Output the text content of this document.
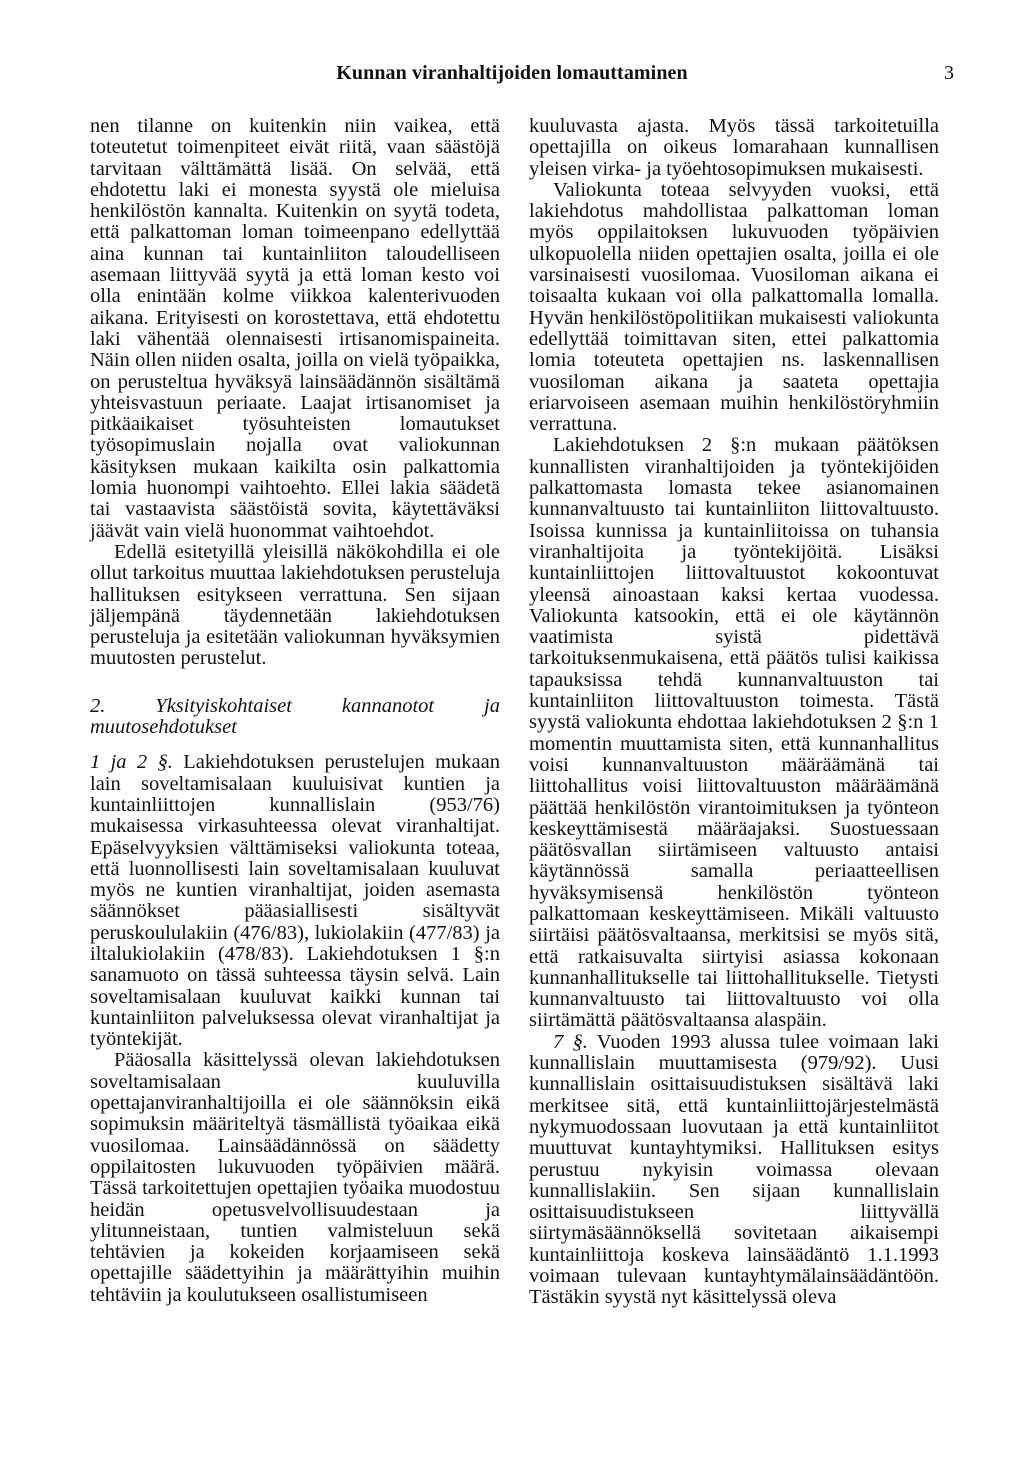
Kunnan viranhaltijoiden lomauttaminen	3

nen tilanne on kuitenkin niin vaikea, että toteutetut toimenpiteet eivät riitä, vaan säästöjä tarvitaan välttämättä lisää. On selvää, että ehdotettu laki ei monesta syystä ole mieluisa henkilöstön kannalta. Kuitenkin on syytä todeta, että palkattoman loman toimeenpano edellyttää aina kunnan tai kuntainliiton taloudelliseen asemaan liittyvää syytä ja että loman kesto voi olla enintään kolme viikkoa kalenterivuoden aikana. Erityisesti on korostettava, että ehdotettu laki vähentää olennaisesti irtisanomispaineita. Näin ollen niiden osalta, joilla on vielä työpaikka, on perusteltua hyväksyä lainsäädännön sisältämä yhteisvastuun periaate. Laajat irtisanomiset ja pitkäaikaiset työsuhteisten lomautukset työsopimuslain nojalla ovat valiokunnan käsityksen mukaan kaikilta osin palkattomia lomia huonompi vaihtoehto. Ellei lakia säädetä tai vastaavista säästöistä sovita, käytettäväksi jäävät vain vielä huonommat vaihtoehdot.

Edellä esitetyillä yleisillä näkökohdilla ei ole ollut tarkoitus muuttaa lakiehdotuksen perusteluja hallituksen esitykseen verrattuna. Sen sijaan jäljempänä täydennetään lakiehdotuksen perusteluja ja esitetään valiokunnan hyväksymien muutosten perustelut.

2. Yksityiskohtaiset kannanotot ja muutosehdotukset

1 ja 2 §. Lakiehdotuksen perustelujen mukaan lain soveltamisalaan kuuluisivat kuntien ja kuntainliittojen kunnallislain (953/76) mukaisessa virkasuhteessa olevat viranhaltijat. Epäselvyyksien välttämiseksi valiokunta toteaa, että luonnollisesti lain soveltamisalaan kuuluvat myös ne kuntien viranhaltijat, joiden asemasta säännökset pääasiallisesti sisältyvät peruskoululakiin (476/83), lukiolakiin (477/83) ja iltalukiolakiin (478/83). Lakiehdotuksen 1 §:n sanamuoto on tässä suhteessa täysin selvä. Lain soveltamisalaan kuuluvat kaikki kunnan tai kuntainliiton palveluksessa olevat viranhaltijat ja työntekijät.

Pääosalla käsittelyssä olevan lakiehdotuksen soveltamisalaan kuuluvilla opettajanviranhaltijoilla ei ole säännöksin eikä sopimuksin määriteltyä täsmällistä työaikaa eikä vuosilomaa. Lainsäädännössä on säädetty oppilaitosten lukuvuoden työpäivien määrä. Tässä tarkoitettujen opettajien työaika muodostuu heidän opetusvelvollisuudestaan ja ylitunneistaan, tuntien valmisteluun sekä tehtävien ja kokeiden korjaamiseen sekä opettajille säädettyihin ja määrättyihin muihin tehtäviin ja koulutukseen osallistumiseen

kuuluvasta ajasta. Myös tässä tarkoitetuilla opettajilla on oikeus lomarahaan kunnallisen yleisen virka- ja työehtosopimuksen mukaisesti.

Valiokunta toteaa selvyyden vuoksi, että lakiehdotus mahdollistaa palkattoman loman myös oppilaitoksen lukuvuoden työpäivien ulkopuolella niiden opettajien osalta, joilla ei ole varsinaisesti vuosilomaa. Vuosiloman aikana ei toisaalta kukaan voi olla palkattomalla lomalla. Hyvän henkilöstöpolitiikan mukaisesti valiokunta edellyttää toimittavan siten, ettei palkattomia lomia toteuteta opettajien ns. laskennallisen vuosiloman aikana ja saateta opettajia eriarvoiseen asemaan muihin henkilöstöryhmiin verrattuna.

Lakiehdotuksen 2 §:n mukaan päätöksen kunnallisten viranhaltijoiden ja työntekijöiden palkattomasta lomasta tekee asianomainen kunnanvaltuusto tai kuntainliiton liittovaltuusto. Isoissa kunnissa ja kuntainliitoissa on tuhansia viranhaltijoita ja työntekijöitä. Lisäksi kuntainliittojen liittovaltuustot kokoontuvat yleensä ainoastaan kaksi kertaa vuodessa. Valiokunta katsookin, että ei ole käytännön vaatimista syistä pidettävä tarkoituksenmukaisena, että päätös tulisi kaikissa tapauksissa tehdä kunnanvaltuuston tai kuntainliiton liittovaltuuston toimesta. Tästä syystä valiokunta ehdottaa lakiehdotuksen 2 §:n 1 momentin muuttamista siten, että kunnanhallitus voisi kunnanvaltuuston määräämänä tai liittohallitus voisi liittovaltuuston määräämänä päättää henkilöstön virantoimituksen ja työnteon keskeyttämisestä määräajaksi. Suostuessaan päätösvallan siirtämiseen valtuusto antaisi käytännössä samalla periaatteellisen hyväksymisensä henkilöstön työnteon palkattomaan keskeyttämiseen. Mikäli valtuusto siirtäisi päätösvaltaansa, merkitsisi se myös sitä, että ratkaisuvalta siirtyisi asiassa kokonaan kunnanhallitukselle tai liittohallitukselle. Tietysti kunnanvaltuusto tai liittovaltuusto voi olla siirtämättä päätösvaltaansa alaspäin.

7 §. Vuoden 1993 alussa tulee voimaan laki kunnallislain muuttamisesta (979/92). Uusi kunnallislain osittaisuudistuksen sisältävä laki merkitsee sitä, että kuntainliittojärjestelmästä nykymuodossaan luovutaan ja että kuntainliitot muuttuvat kuntayhtymiksi. Hallituksen esitys perustuu nykyisin voimassa olevaan kunnallislakiin. Sen sijaan kunnallislain osittaisuudistukseen liittyvällä siirtymäsäännöksellä sovitetaan aikaisempi kuntainliittoja koskeva lainsäädäntö 1.1.1993 voimaan tulevaan kuntayhtymälainsäädäntöön. Tästäkin syystä nyt käsittelyssä oleva
